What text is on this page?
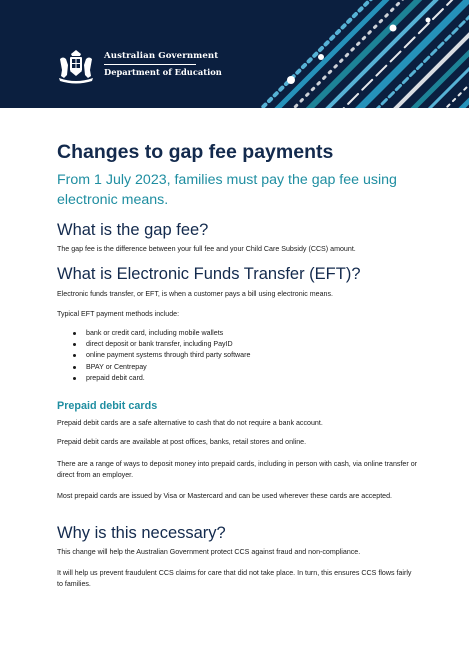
Australian Government
Department of Education
Changes to gap fee payments

From 1 July 2023, families must pay the gap fee using electronic means.

What is the gap fee?

The gap fee is the difference between your full fee and your Child Care Subsidy (CCS) amount.

What is Electronic Funds Transfer (EFT)?

Electronic funds transfer, or EFT, is when a customer pays a bill using electronic means.

Typical EFT payment methods include:

bank or credit card, including mobile wallets
direct deposit or bank transfer, including PayID
online payment systems through third party software
BPAY or Centrepay
prepaid debit card.
Prepaid debit cards

Prepaid debit cards are a safe alternative to cash that do not require a bank account.

Prepaid debit cards are available at post offices, banks, retail stores and online.

There are a range of ways to deposit money into prepaid cards, including in person with cash, via online transfer or direct from an employer.

Most prepaid cards are issued by Visa or Mastercard and can be used wherever these cards are accepted.

Why is this necessary?

This change will help the Australian Government protect CCS against fraud and non-compliance.

It will help us prevent fraudulent CCS claims for care that did not take place. In turn, this ensures CCS flows fairly to families.
